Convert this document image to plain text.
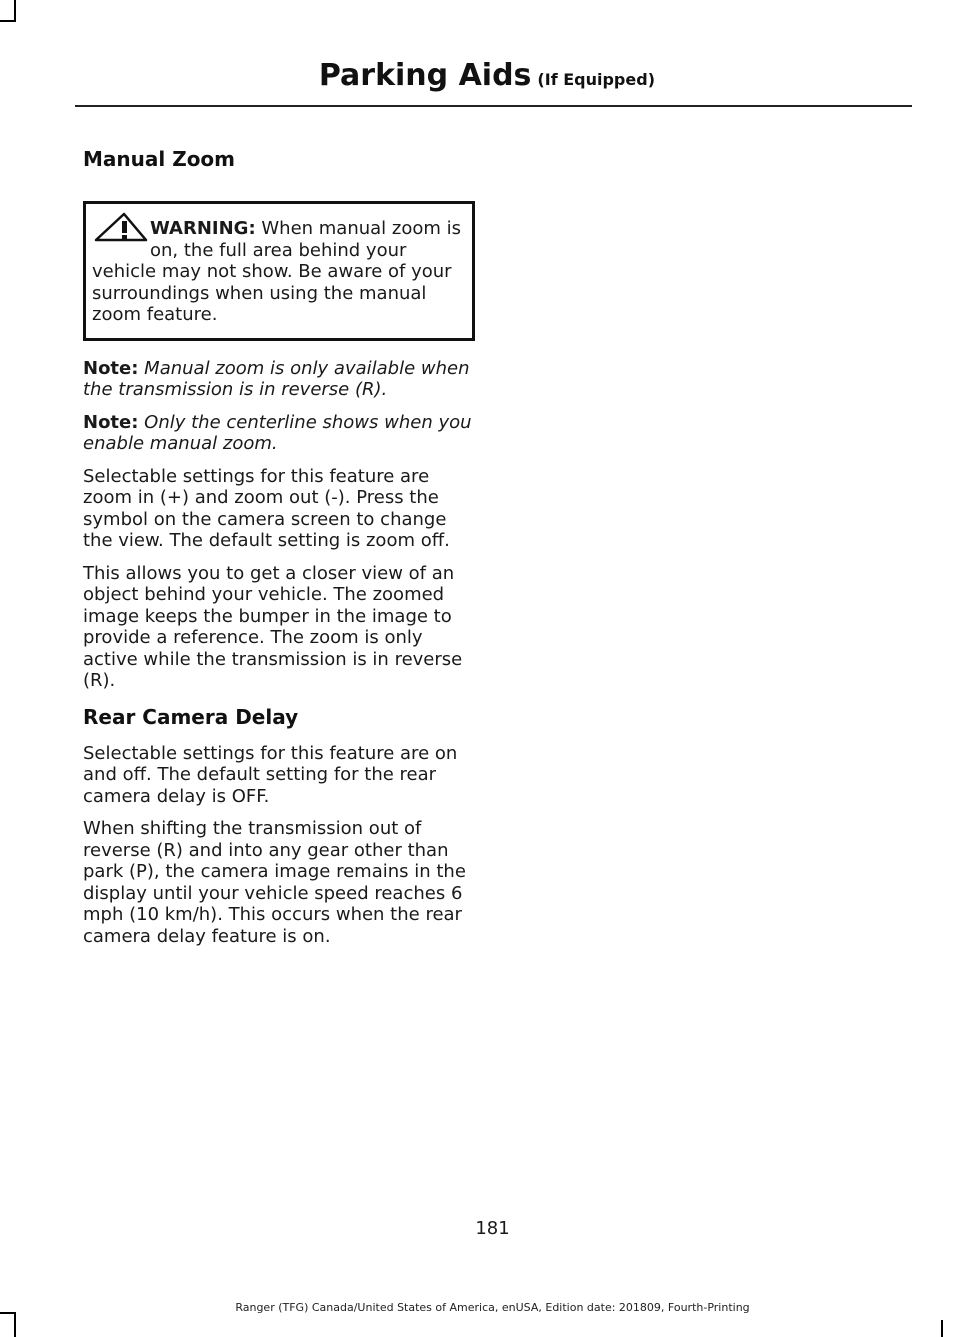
Parking Aids (If Equipped)
Manual Zoom
WARNING: When manual zoom is on, the full area behind your vehicle may not show. Be aware of your surroundings when using the manual zoom feature.

Note: Manual zoom is only available when the transmission is in reverse (R).

Note: Only the centerline shows when you enable manual zoom.

Selectable settings for this feature are zoom in (+) and zoom out (-). Press the symbol on the camera screen to change the view. The default setting is zoom off.

This allows you to get a closer view of an object behind your vehicle. The zoomed image keeps the bumper in the image to provide a reference. The zoom is only active while the transmission is in reverse (R).

Rear Camera Delay

Selectable settings for this feature are on and off. The default setting for the rear camera delay is OFF.

When shifting the transmission out of reverse (R) and into any gear other than park (P), the camera image remains in the display until your vehicle speed reaches 6 mph (10 km/h). This occurs when the rear camera delay feature is on.

181
Ranger (TFG) Canada/United States of America, enUSA, Edition date: 201809, Fourth-Printing
